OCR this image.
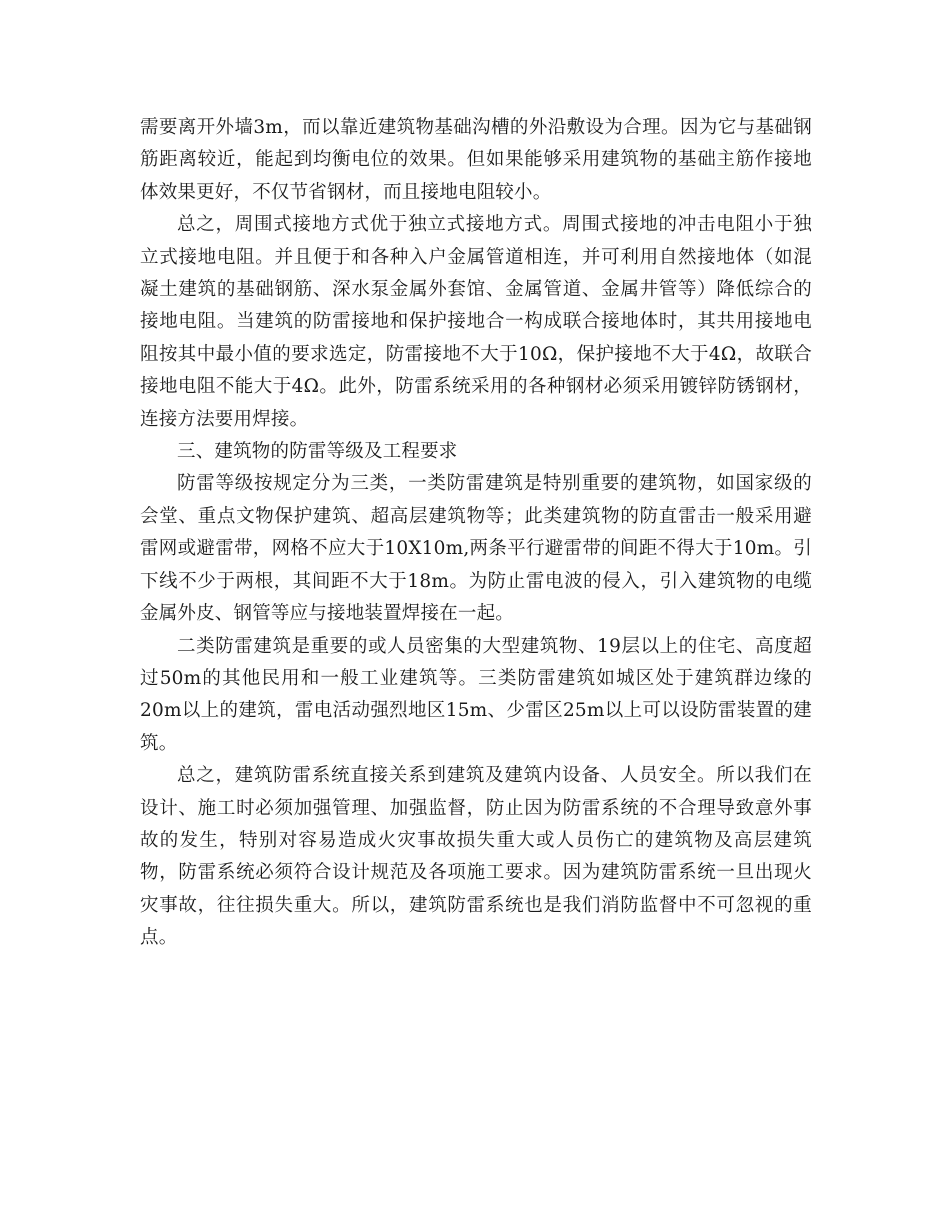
需要离开外墙3m，而以靠近建筑物基础沟槽的外沿敷设为合理。因为它与基础钢筋距离较近，能起到均衡电位的效果。但如果能够采用建筑物的基础主筋作接地体效果更好，不仅节省钢材，而且接地电阻较小。

总之，周围式接地方式优于独立式接地方式。周围式接地的冲击电阻小于独立式接地电阻。并且便于和各种入户金属管道相连，并可利用自然接地体（如混凝土建筑的基础钢筋、深水泵金属外套馆、金属管道、金属井管等）降低综合的接地电阻。当建筑的防雷接地和保护接地合一构成联合接地体时，其共用接地电阻按其中最小值的要求选定，防雷接地不大于10Ω，保护接地不大于4Ω，故联合接地电阻不能大于4Ω。此外，防雷系统采用的各种钢材必须采用镀锌防锈钢材，连接方法要用焊接。

三、建筑物的防雷等级及工程要求

防雷等级按规定分为三类，一类防雷建筑是特别重要的建筑物，如国家级的会堂、重点文物保护建筑、超高层建筑物等；此类建筑物的防直雷击一般采用避雷网或避雷带，网格不应大于10X10m,两条平行避雷带的间距不得大于10m。引下线不少于两根，其间距不大于18m。为防止雷电波的侵入，引入建筑物的电缆金属外皮、钢管等应与接地装置焊接在一起。

二类防雷建筑是重要的或人员密集的大型建筑物、19层以上的住宅、高度超过50m的其他民用和一般工业建筑等。三类防雷建筑如城区处于建筑群边缘的20m以上的建筑，雷电活动强烈地区15m、少雷区25m以上可以设防雷装置的建筑。

总之，建筑防雷系统直接关系到建筑及建筑内设备、人员安全。所以我们在设计、施工时必须加强管理、加强监督，防止因为防雷系统的不合理导致意外事故的发生，特别对容易造成火灾事故损失重大或人员伤亡的建筑物及高层建筑物，防雷系统必须符合设计规范及各项施工要求。因为建筑防雷系统一旦出现火灾事故，往往损失重大。所以，建筑防雷系统也是我们消防监督中不可忽视的重点。
